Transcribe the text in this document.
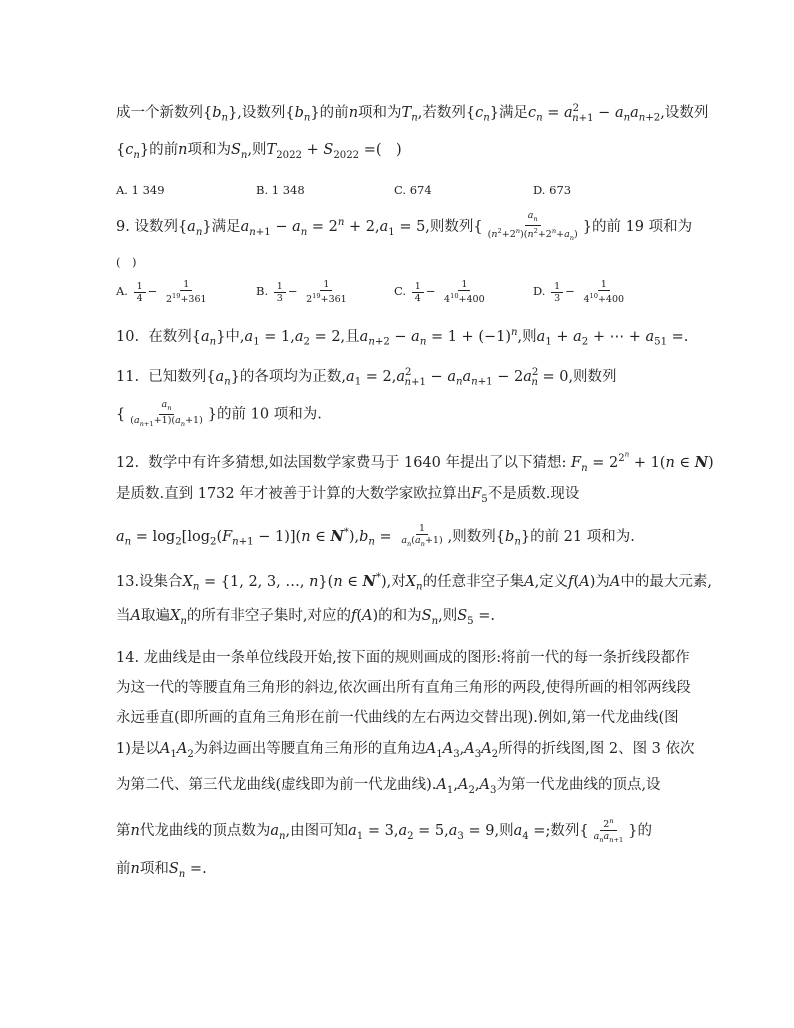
成一个新数列$\{b_n\}$,设数列$\{b_n\}$的前n项和为$T_n$,若数列$\{c_n\}$满足$c_n = a^2_{n+1} - a_na_{n+2}$,设数列
$\{c_n\}$的前n项和为$S_n$,则$T_{2022} + S_{2022}$ =(　)
A. 1 349	B. 1 348	C. 674	D. 673
9. 设数列$\{a_n\}$满足$a_{n+1} - a_n = 2^n + 2,a_1 = 5$,则数列{ $\frac{a_n}{(n^2+2^n)(n^2+2^n+a_n)}$ }的前 19 项和为
(　)
A. $\frac{1}{4} - \frac{1}{2^{19}+361}$	B. $\frac{1}{3} - \frac{1}{2^{19}+361}$	C. $\frac{1}{4} - \frac{1}{4^{10}+400}$	D. $\frac{1}{3} - \frac{1}{4^{10}+400}$
10.  在数列$\{a_n\}$中$,a_1 = 1,a_2 = 2$,且$a_{n+2} - a_n = 1 + (-1)^n$,则$a_1 + a_2$ + ⋯ + $a_{51}$ =.
11.  已知数列$\{a_n\}$的各项均为正数$,a_1 = 2,a^2_{n+1} - a_na_{n+1} - 2a^2_n = 0$,则数列
{ $\frac{a_n}{(a_{n+1}+1)(a_n+1)}$ }的前 10 项和为.
12.  数学中有许多猜想,如法国数学家费马于 1640 年提出了以下猜想: $F_n = 2^{2^n} + 1(n$ ∈ N)
是质数.直到 1732 年才被善于计算的大数学家欧拉算出$F_5$不是质数.现设
$a_n = \log_2[\log_2(F_{n+1} - 1)](n$ ∈ $N^*),b_n = \frac{1}{a_n(a_n+1)}$ ,则数列$\{b_n\}$的前 21 项和为.
13.设集合$X_n = \{1$, 2, 3, …, n}(n ∈ N*),对$X_n$的任意非空子集A,定义f(A)为A中的最大元素,
当A取遍$X_n$的所有非空子集时,对应的f(A)的和为$S_n$,则$S_5$ =.
14. 龙曲线是由一条单位线段开始,按下面的规则画成的图形:将前一代的每一条折线段都作
为这一代的等腰直角三角形的斜边,依次画出所有直角三角形的两段,使得所画的相邻两线段
永远垂直(即所画的直角三角形在前一代曲线的左右两边交替出现).例如,第一代龙曲线(图
1)是以$A_1A_2$为斜边画出等腰直角三角形的直角边$A_1A_3,A_3A_2$所得的折线图,图 2、图 3 依次
为第二代、第三代龙曲线(虚线即为前一代龙曲线)$.A_1,A_2,A_3$为第一代龙曲线的顶点,设
第n代龙曲线的顶点数为$a_n$,由图可知$a_1 = 3,a_2 = 5,a_3 = 9$,则$a_4$ =;数列{ $\frac{2^n}{a_na_{n+1}}$ }的
前n项和$S_n$ =.
